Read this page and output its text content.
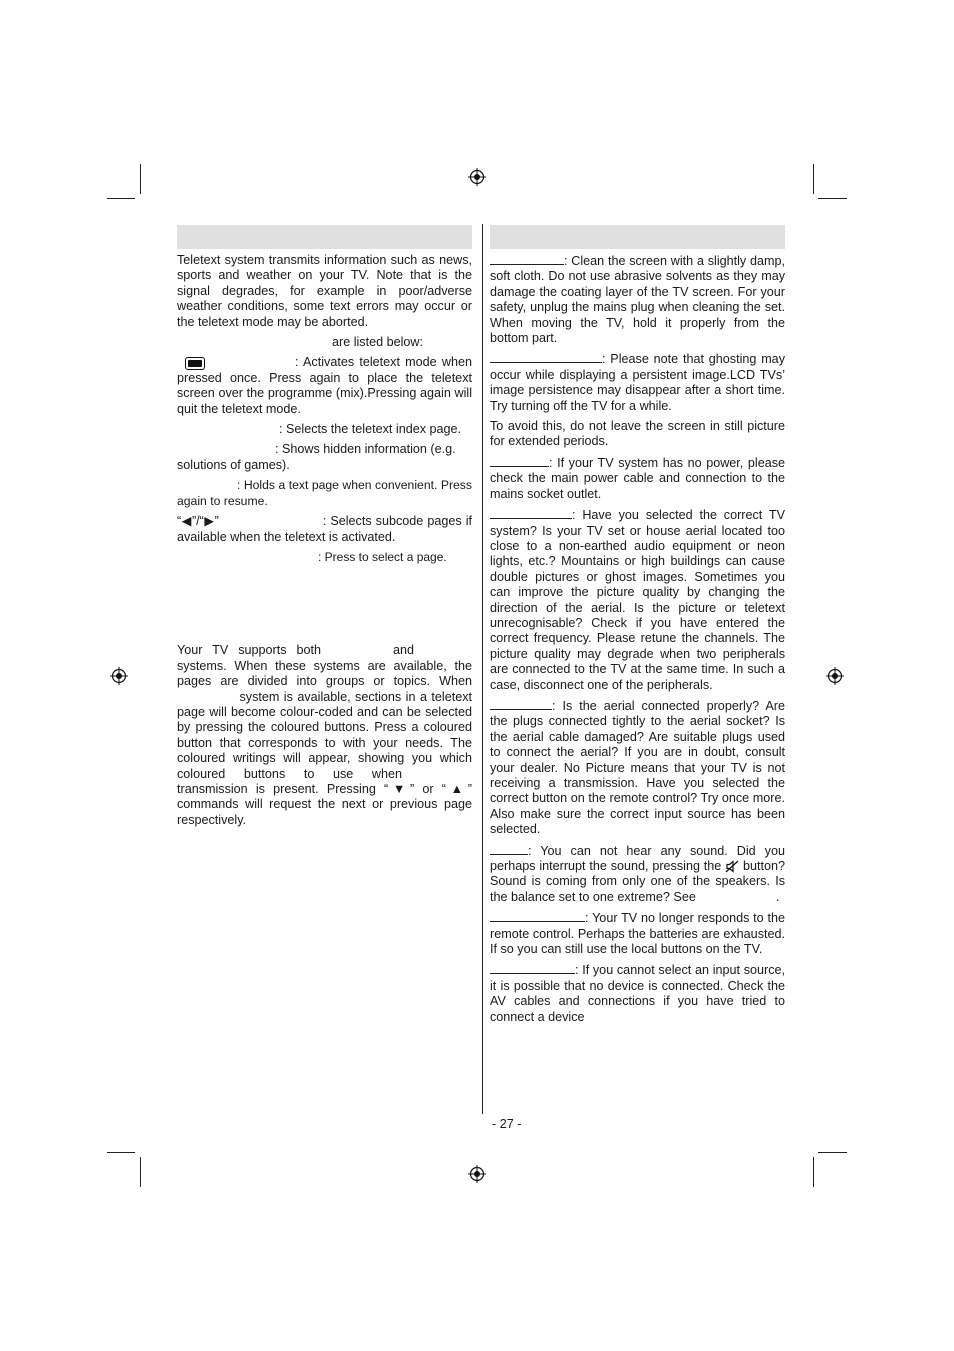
Teletext system transmits information such as news, sports and weather on your TV. Note that is the signal degrades, for example in poor/adverse weather conditions, some text errors may occur or the teletext mode may be aborted.

are listed below:

: Activates teletext mode when pressed once. Press again to place the teletext screen over the programme (mix).Pressing again will quit the teletext mode.

: Selects the teletext index page.

: Shows hidden information (e.g.

solutions of games).

: Holds a text page when convenient. Press again to resume.

“◀”/“▶”	: Selects subcode pages if available when the teletext is activated.

: Press to select a page.

Your TV supports both	and systems. When these systems are available, the pages are divided into groups or topics. When system is available, sections in a teletext page will become colour-coded and can be selected by pressing the coloured buttons. Press a coloured button that corresponds to with your needs. The coloured writings will appear, showing you which coloured buttons to use when transmission is present. Pressing “▼” or “▲” commands will request the next or previous page respectively.

: Clean the screen with a slightly damp, soft cloth. Do not use abrasive solvents as they may damage the coating layer of the TV screen. For your safety, unplug the mains plug when cleaning the set. When moving the TV, hold it properly from the bottom part.

: Please note that ghosting may occur while displaying a persistent image.LCD TVs’ image persistence may disappear after a short time. Try turning off the TV for a while.

To avoid this, do not leave the screen in still picture for extended periods.

: If your TV system has no power, please check the main power cable and connection to the mains socket outlet.

: Have you selected the correct TV system? Is your TV set or house aerial located too close to a non-earthed audio equipment or neon lights, etc.? Mountains or high buildings can cause double pictures or ghost images. Sometimes you can improve the picture quality by changing the direction of the aerial. Is the picture or teletext unrecognisable? Check if you have entered the correct frequency. Please retune the channels. The picture quality may degrade when two peripherals are connected to the TV at the same time. In such a case, disconnect one of the peripherals.

: Is the aerial connected properly? Are the plugs connected tightly to the aerial socket? Is the aerial cable damaged? Are suitable plugs used to connect the aerial? If you are in doubt, consult your dealer. No Picture means that your TV is not receiving a transmission. Have you selected the correct button on the remote control? Try once more. Also make sure the correct input source has been selected.

: You can not hear any sound. Did you perhaps interrupt the sound, pressing the button? Sound is coming from only one of the speakers. Is the balance set to one extreme? See	.

: Your TV no longer responds to the remote control. Perhaps the batteries are exhausted. If so you can still use the local buttons on the TV.

: If you cannot select an input source, it is possible that no device is connected. Check the AV cables and connections if you have tried to connect a device

- 27 -
